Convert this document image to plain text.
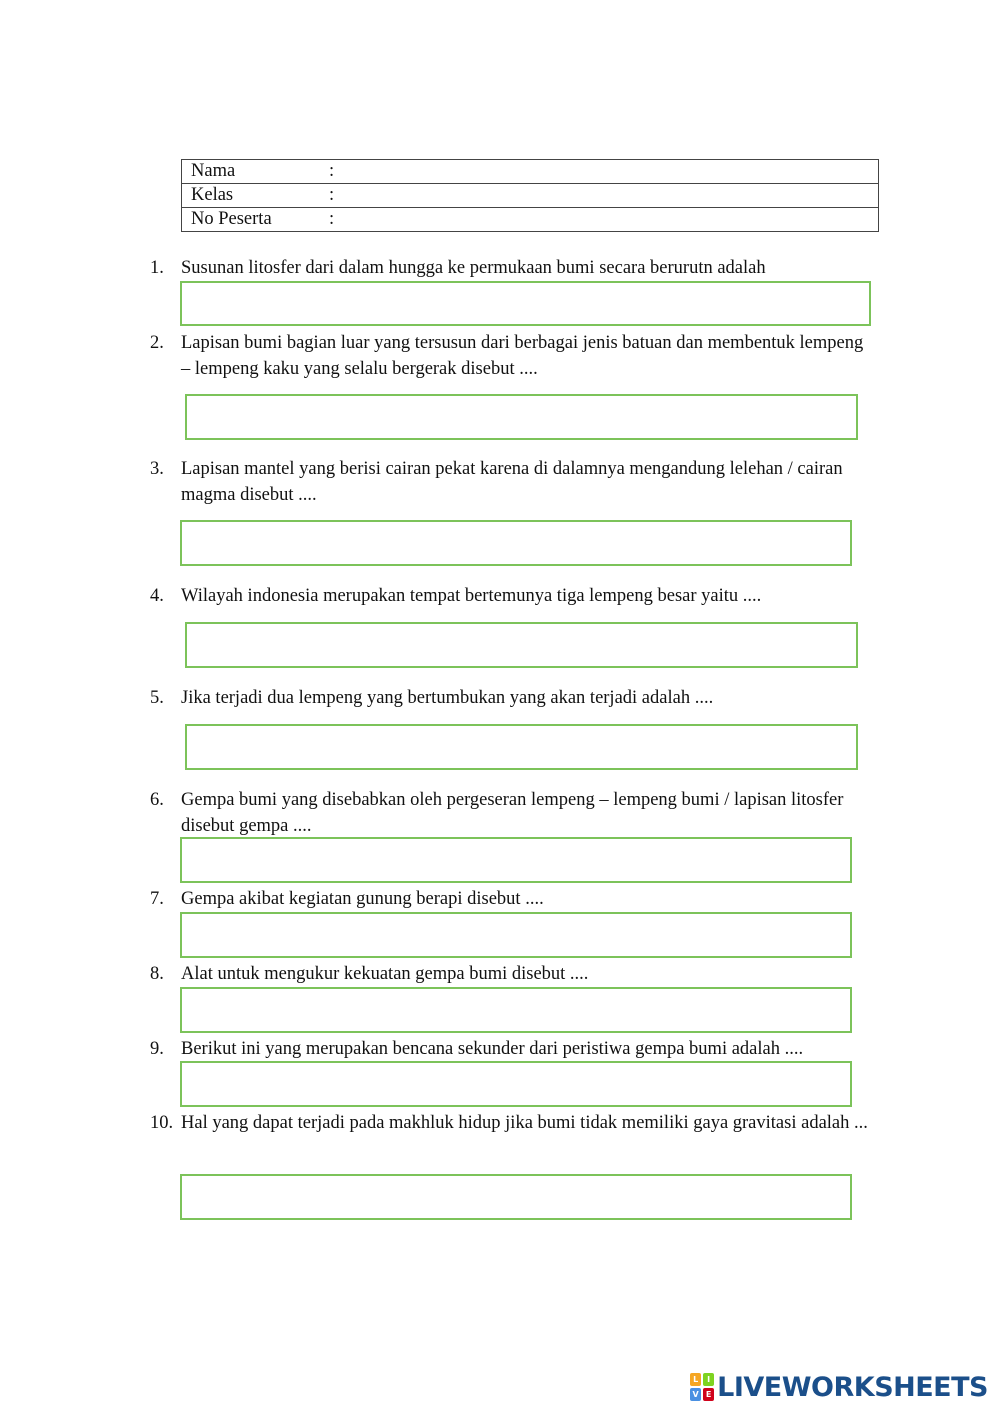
Nama	:
Kelas	:
No Peserta	:
1. Susunan litosfer dari dalam hungga ke permukaan bumi secara berurutn adalah
2. Lapisan bumi bagian luar yang tersusun dari berbagai jenis batuan dan membentuk lempeng – lempeng kaku yang selalu bergerak disebut ....
3. Lapisan mantel yang berisi cairan pekat karena di dalamnya mengandung lelehan / cairan magma disebut ....
4. Wilayah indonesia merupakan tempat bertemunya tiga lempeng besar yaitu ....
5. Jika terjadi dua lempeng yang bertumbukan yang akan terjadi adalah ....
6. Gempa bumi yang disebabkan oleh pergeseran lempeng – lempeng bumi / lapisan litosfer disebut gempa ....
7. Gempa akibat kegiatan gunung berapi disebut ....
8. Alat untuk mengukur kekuatan gempa bumi disebut ....
9. Berikut ini yang merupakan bencana sekunder dari peristiwa gempa bumi adalah ....
10. Hal yang dapat terjadi pada makhluk hidup jika bumi tidak memiliki gaya gravitasi adalah ...
L	I
V E LIVEWORKSHEETS
